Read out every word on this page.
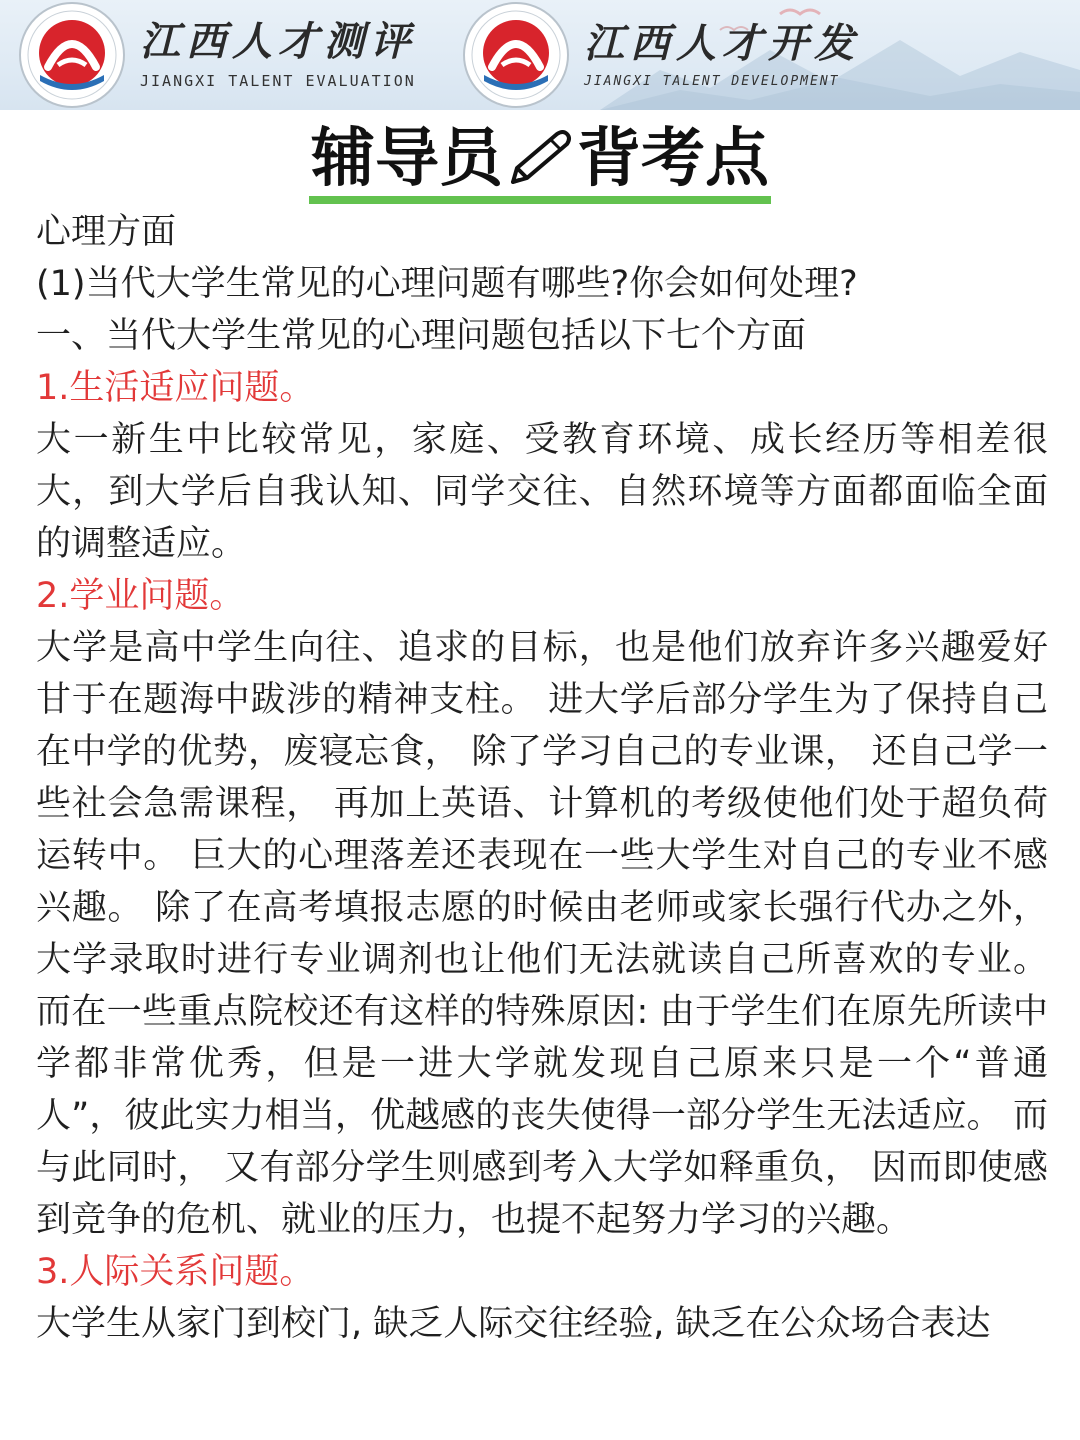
江西人才测评
JIANGXI TALENT EVALUATION
江西人才开发
JIANGXI TALENT DEVELOPMENT
辅导员 背考点

心理方面

(1)当代大学生常见的心理问题有哪些?你会如何处理?

一、当代大学生常见的心理问题包括以下七个方面

1.生活适应问题。

大一新生中比较常见，家庭、受教育环境、成长经历等相差很大，到大学后自我认知、同学交往、自然环境等方面都面临全面的调整适应。

2.学业问题。

大学是高中学生向往、追求的目标，也是他们放弃许多兴趣爱好甘于在题海中跋涉的精神支柱。 进大学后部分学生为了保持自己在中学的优势，废寝忘食， 除了学习自己的专业课， 还自己学一些社会急需课程， 再加上英语、计算机的考级使他们处于超负荷运转中。 巨大的心理落差还表现在一些大学生对自己的专业不感兴趣。 除了在高考填报志愿的时候由老师或家长强行代办之外， 大学录取时进行专业调剂也让他们无法就读自己所喜欢的专业。而在一些重点院校还有这样的特殊原因: 由于学生们在原先所读中学都非常优秀，但是一进大学就发现自己原来只是一个“普通人”，彼此实力相当，优越感的丧失使得一部分学生无法适应。 而与此同时， 又有部分学生则感到考入大学如释重负， 因而即使感到竞争的危机、就业的压力，也提不起努力学习的兴趣。

3.人际关系问题。

大学生从家门到校门, 缺乏人际交往经验, 缺乏在公众场合表达
